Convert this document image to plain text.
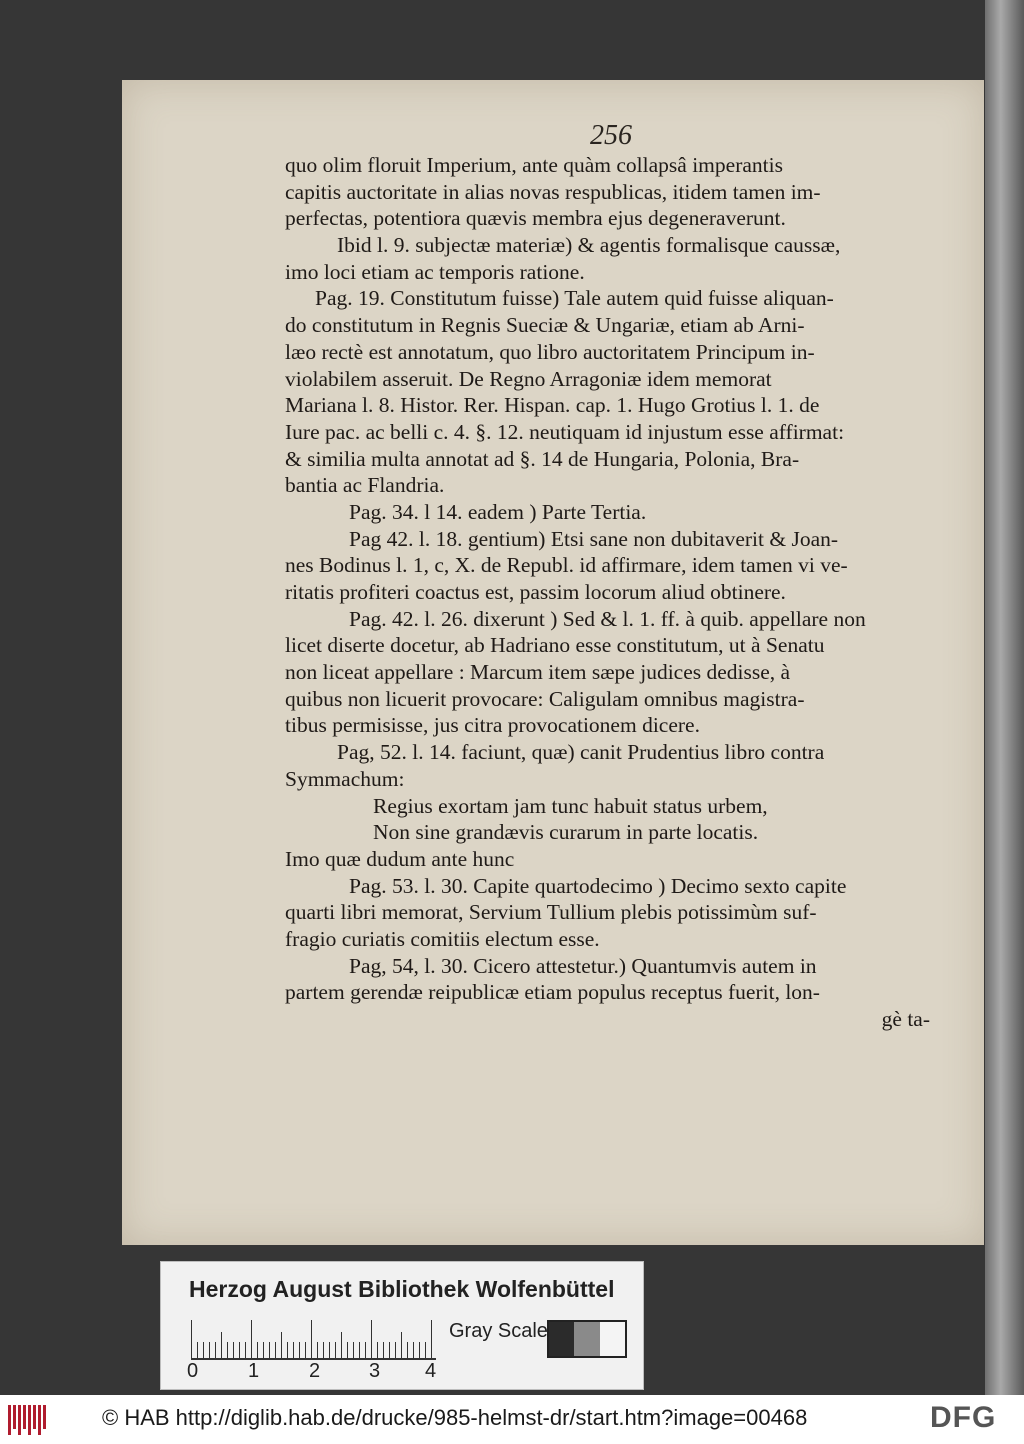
256
quo olim floruit Imperium, ante quàm collapsâ imperantis
capitis auctoritate in alias novas respublicas, itidem tamen im-
perfectas, potentiora quævis membra ejus degeneraverunt.
Ibid l. 9. subjectæ materiæ) & agentis formalisque caussæ,
imo loci etiam ac temporis ratione.
Pag. 19. Constitutum fuisse) Tale autem quid fuisse aliquan-
do constitutum in Regnis Sueciæ & Ungariæ, etiam ab Arni-
læo rectè est annotatum, quo libro auctoritatem Principum in-
violabilem asseruit. De Regno Arragoniæ idem memorat
Mariana l. 8. Histor. Rer. Hispan. cap. 1. Hugo Grotius l. 1. de
Iure pac. ac belli c. 4. §. 12. neutiquam id injustum esse affirmat:
& similia multa annotat ad §. 14 de Hungaria, Polonia, Bra-
bantia ac Flandria.
Pag. 34. l 14. eadem ) Parte Tertia.
Pag 42. l. 18. gentium) Etsi sane non dubitaverit & Joan-
nes Bodinus l. 1, c, X. de Republ. id affirmare, idem tamen vi ve-
ritatis profiteri coactus est, passim locorum aliud obtinere.
Pag. 42. l. 26. dixerunt ) Sed & l. 1. ff. à quib. appellare non
licet diserte docetur, ab Hadriano esse constitutum, ut à Senatu
non liceat appellare : Marcum item sæpe judices dedisse, à
quibus non licuerit provocare: Caligulam omnibus magistra-
tibus permisisse, jus citra provocationem dicere.
Pag, 52. l. 14. faciunt, quæ) canit Prudentius libro contra
Symmachum:
Regius exortam jam tunc habuit status urbem,
Non sine grandævis curarum in parte locatis.
Imo quæ dudum ante hunc
Pag. 53. l. 30. Capite quartodecimo ) Decimo sexto capite
quarti libri memorat, Servium Tullium plebis potissimùm suf-
fragio curiatis comitiis electum esse.
Pag, 54, l. 30. Cicero attestetur.) Quantumvis autem in
partem gerendæ reipublicæ etiam populus receptus fuerit, lon-
gè ta-
Herzog August Bibliothek Wolfenbüttel
0 1 2 3 4
Gray Scale
© HAB http://diglib.hab.de/drucke/985-helmst-dr/start.htm?image=00468	DFG
